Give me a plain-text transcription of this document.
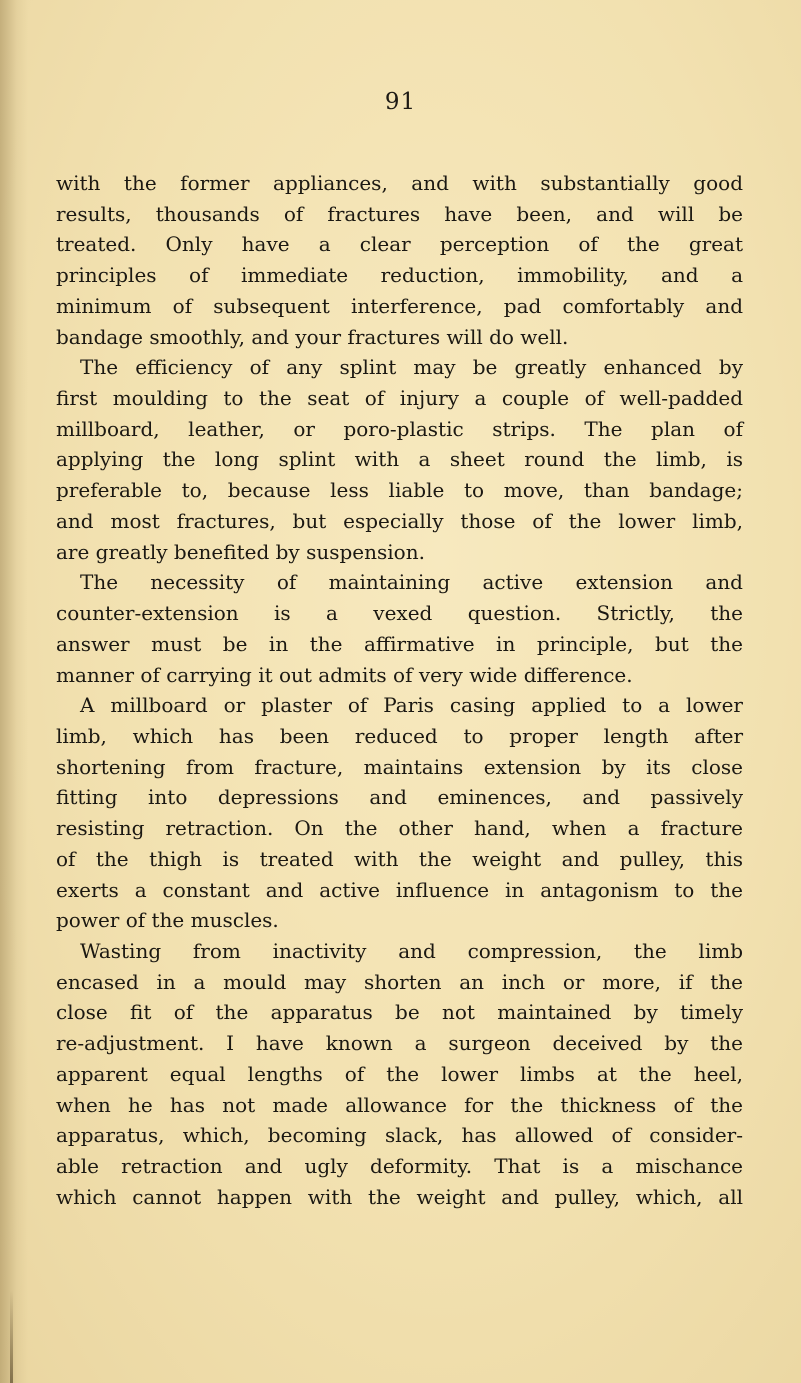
91
with the former appliances, and with substantially good
results, thousands of fractures have been, and will be
treated. Only have a clear perception of the great
principles of immediate reduction, immobility, and a
minimum of subsequent interference, pad comfortably and
bandage smoothly, and your fractures will do well.
The efficiency of any splint may be greatly enhanced by
first moulding to the seat of injury a couple of well-padded
millboard, leather, or poro-plastic strips. The plan of
applying the long splint with a sheet round the limb, is
preferable to, because less liable to move, than bandage;
and most fractures, but especially those of the lower limb,
are greatly benefited by suspension.
The necessity of maintaining active extension and
counter-extension is a vexed question. Strictly, the
answer must be in the affirmative in principle, but the
manner of carrying it out admits of very wide difference.
A millboard or plaster of Paris casing applied to a lower
limb, which has been reduced to proper length after
shortening from fracture, maintains extension by its close
fitting into depressions and eminences, and passively
resisting retraction. On the other hand, when a fracture
of the thigh is treated with the weight and pulley, this
exerts a constant and active influence in antagonism to the
power of the muscles.
Wasting from inactivity and compression, the limb
encased in a mould may shorten an inch or more, if the
close fit of the apparatus be not maintained by timely
re-adjustment. I have known a surgeon deceived by the
apparent equal lengths of the lower limbs at the heel,
when he has not made allowance for the thickness of the
apparatus, which, becoming slack, has allowed of consider-
able retraction and ugly deformity. That is a mischance
which cannot happen with the weight and pulley, which, all
